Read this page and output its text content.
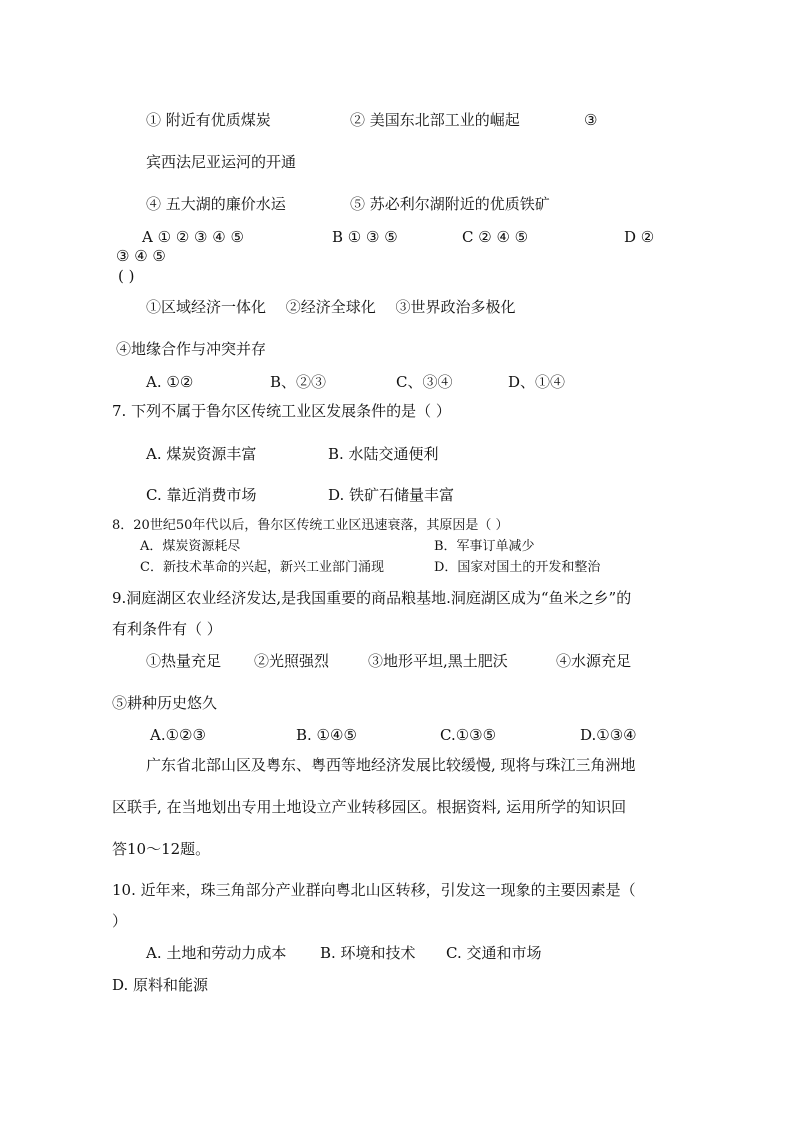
① 附近有优质煤炭	② 美国东北部工业的崛起	③
宾西法尼亚运河的开通
④ 五大湖的廉价水运	⑤ 苏必利尔湖附近的优质铁矿
A ① ② ③ ④ ⑤	B ① ③ ⑤	C ② ④ ⑤	D ②
③ ④ ⑤
( )
①区域经济一体化　 ②经济全球化　 ③世界政治多极化
④地缘合作与冲突并存
A. ①②	B、②③	C、③④	D、①④
7. 下列不属于鲁尔区传统工业区发展条件的是（ ）
A. 煤炭资源丰富	B. 水陆交通便利
C. 靠近消费市场	D. 铁矿石储量丰富
8．20世纪50年代以后，鲁尔区传统工业区迅速衰落，其原因是（ ）
A．煤炭资源耗尽	B．军事订单减少
C．新技术革命的兴起，新兴工业部门涌现	D．国家对国土的开发和整治
9.洞庭湖区农业经济发达,是我国重要的商品粮基地.洞庭湖区成为“鱼米之乡”的
有利条件有（ ）
①热量充足 ②光照强烈	③地形平坦,黑土肥沃	④水源充足
⑤耕种历史悠久
A.①②③	B. ①④⑤	C.①③⑤	D.①③④
广东省北部山区及粤东、粤西等地经济发展比较缓慢, 现将与珠江三角洲地
区联手, 在当地划出专用土地设立产业转移园区。根据资料, 运用所学的知识回
答10～12题。
10. 近年来，珠三角部分产业群向粤北山区转移，引发这一现象的主要因素是（
）
A. 土地和劳动力成本 B. 环境和技术 C. 交通和市场
D. 原料和能源
